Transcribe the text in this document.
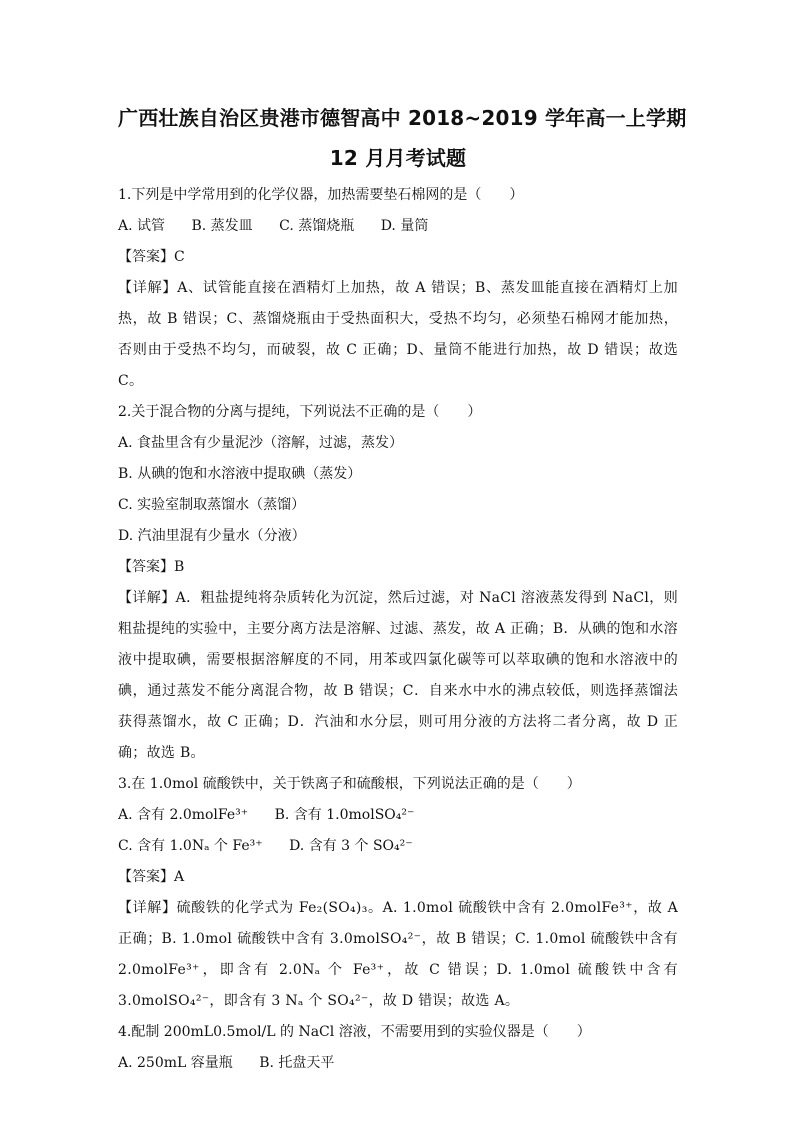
广西壮族自治区贵港市德智高中 2018~2019 学年高一上学期
12 月月考试题
1.下列是中学常用到的化学仪器，加热需要垫石棉网的是（　　）
A. 试管 B. 蒸发皿 C. 蒸馏烧瓶 D. 量筒
【答案】C
【详解】A、试管能直接在酒精灯上加热，故 A 错误；B、蒸发皿能直接在酒精灯上加热，故 B 错误；C、蒸馏烧瓶由于受热面积大，受热不均匀，必须垫石棉网才能加热，否则由于受热不均匀，而破裂，故 C 正确；D、量筒不能进行加热，故 D 错误；故选 C。
2.关于混合物的分离与提纯，下列说法不正确的是（　　）
A. 食盐里含有少量泥沙（溶解，过滤，蒸发）
B. 从碘的饱和水溶液中提取碘（蒸发）
C. 实验室制取蒸馏水（蒸馏）
D. 汽油里混有少量水（分液）
【答案】B
【详解】A．粗盐提纯将杂质转化为沉淀，然后过滤，对 NaCl 溶液蒸发得到 NaCl，则粗盐提纯的实验中，主要分离方法是溶解、过滤、蒸发，故 A 正确；B．从碘的饱和水溶液中提取碘，需要根据溶解度的不同，用苯或四氯化碳等可以萃取碘的饱和水溶液中的碘，通过蒸发不能分离混合物，故 B 错误；C．自来水中水的沸点较低，则选择蒸馏法获得蒸馏水，故 C 正确；D．汽油和水分层，则可用分液的方法将二者分离，故 D 正确；故选 B。
3.在 1.0mol 硫酸铁中，关于铁离子和硫酸根，下列说法正确的是（　　）
A. 含有 2.0molFe³⁺ B. 含有 1.0molSO₄²⁻
C. 含有 1.0Nₐ 个 Fe³⁺ D. 含有 3 个 SO₄²⁻
【答案】A
【详解】硫酸铁的化学式为 Fe₂(SO₄)₃。A. 1.0mol 硫酸铁中含有 2.0molFe³⁺，故 A 正确；B. 1.0mol 硫酸铁中含有 3.0molSO₄²⁻，故 B 错误；C. 1.0mol 硫酸铁中含有 2.0molFe³⁺，即含有 2.0Nₐ 个 Fe³⁺，故 C 错误；D. 1.0mol 硫酸铁中含有 3.0molSO₄²⁻，即含有 3 Nₐ 个 SO₄²⁻，故 D 错误；故选 A。
4.配制 200mL0.5mol/L 的 NaCl 溶液，不需要用到的实验仪器是（　　）
A. 250mL 容量瓶 B. 托盘天平
